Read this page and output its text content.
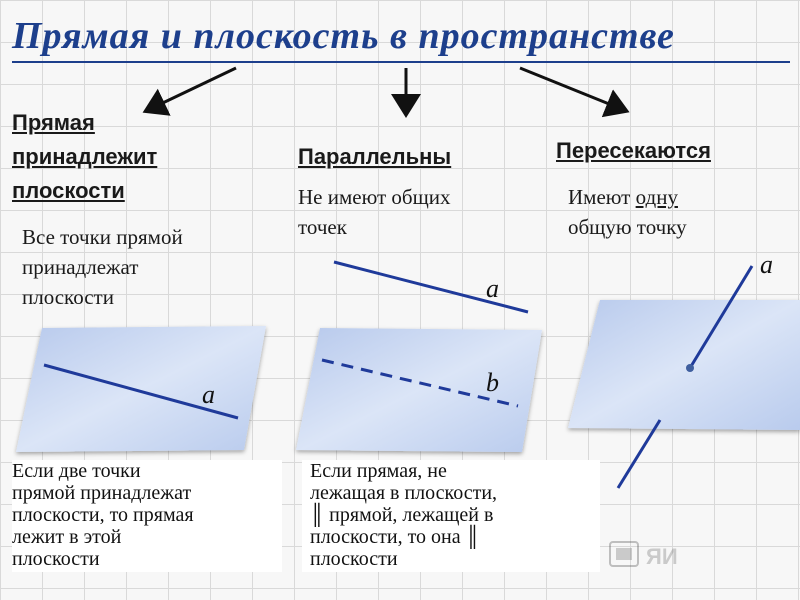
ЯИ
Прямая и плоскость в пространстве
Прямая
принадлежит
плоскости
Все точки прямой
принадлежат
плоскости
Параллельны
Не имеют общих
точек
Пересекаются
Имеют одну
общую точку
a
a
b
a
Если две точки
прямой принадлежат
плоскости, то прямая
лежит в этой
плоскости
Если прямая, не
лежащая в плоскости,
║ прямой, лежащей в
плоскости, то она ║
плоскости
